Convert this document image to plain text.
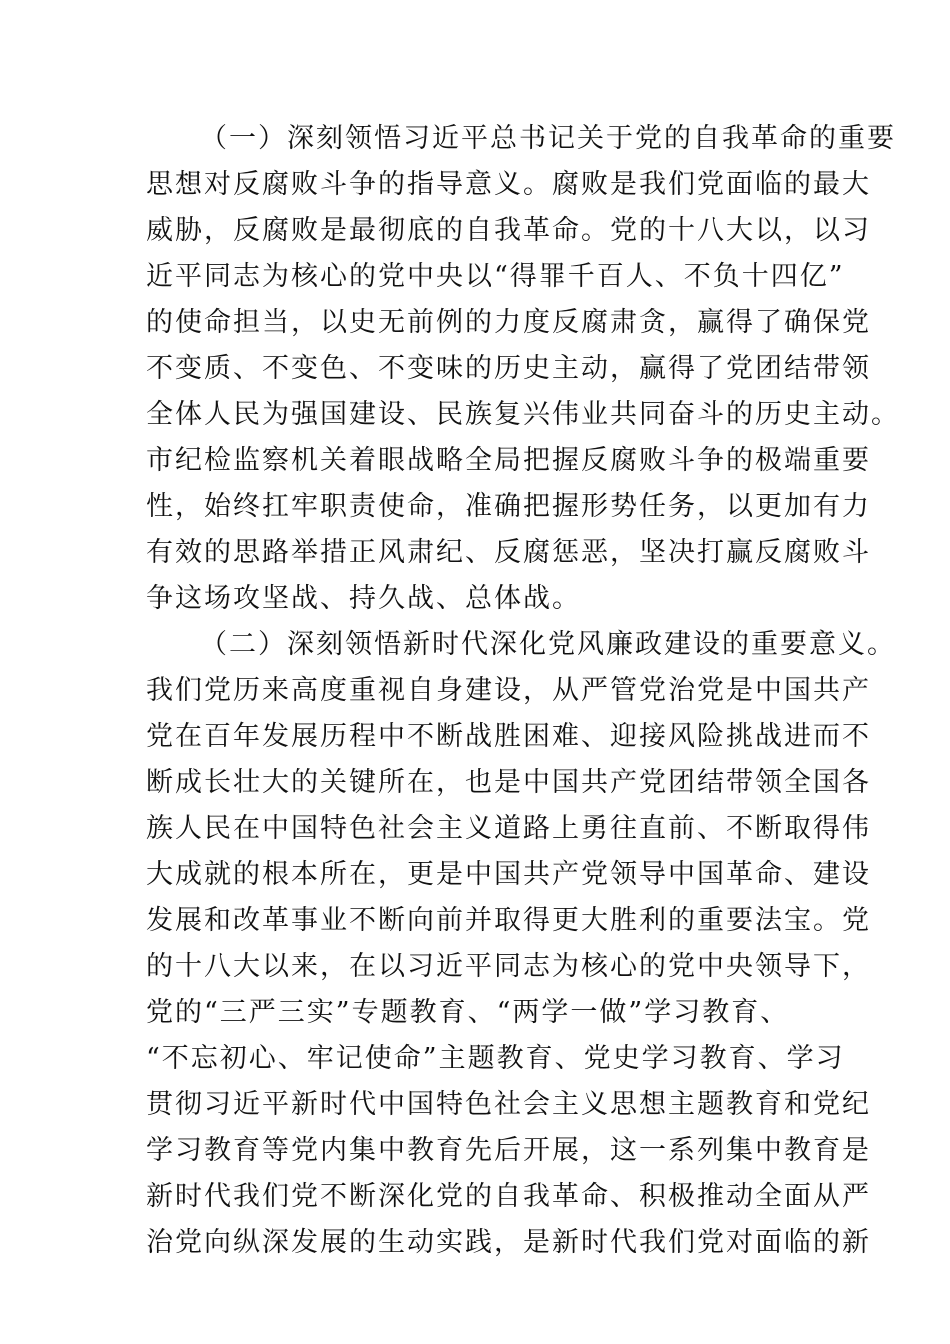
（一）深刻领悟习近平总书记关于党的自我革命的重要
思想对反腐败斗争的指导意义。腐败是我们党面临的最大
威胁，反腐败是最彻底的自我革命。党的十八大以，以习
近平同志为核心的党中央以“得罪千百人、不负十四亿”
的使命担当，以史无前例的力度反腐肃贪，赢得了确保党
不变质、不变色、不变味的历史主动，赢得了党团结带领
全体人民为强国建设、民族复兴伟业共同奋斗的历史主动。
市纪检监察机关着眼战略全局把握反腐败斗争的极端重要
性，始终扛牢职责使命，准确把握形势任务，以更加有力
有效的思路举措正风肃纪、反腐惩恶，坚决打赢反腐败斗
争这场攻坚战、持久战、总体战。
（二）深刻领悟新时代深化党风廉政建设的重要意义。
我们党历来高度重视自身建设，从严管党治党是中国共产
党在百年发展历程中不断战胜困难、迎接风险挑战进而不
断成长壮大的关键所在，也是中国共产党团结带领全国各
族人民在中国特色社会主义道路上勇往直前、不断取得伟
大成就的根本所在，更是中国共产党领导中国革命、建设
发展和改革事业不断向前并取得更大胜利的重要法宝。党
的十八大以来，在以习近平同志为核心的党中央领导下，
党的“三严三实”专题教育、“两学一做”学习教育、
“不忘初心、牢记使命”主题教育、党史学习教育、学习
贯彻习近平新时代中国特色社会主义思想主题教育和党纪
学习教育等党内集中教育先后开展，这一系列集中教育是
新时代我们党不断深化党的自我革命、积极推动全面从严
治党向纵深发展的生动实践，是新时代我们党对面临的新
